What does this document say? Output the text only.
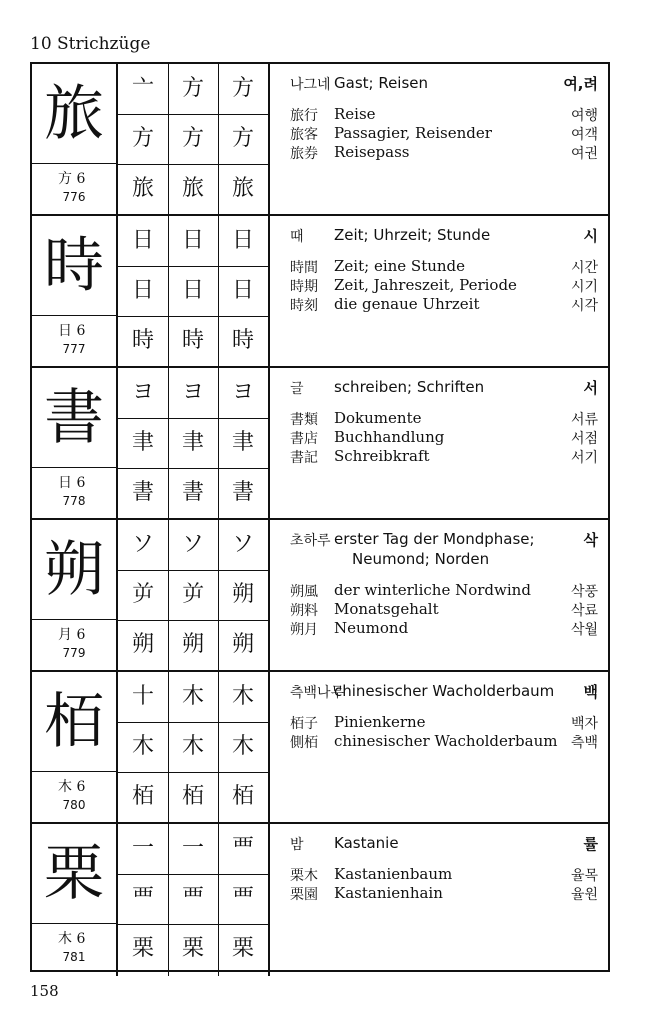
10 Strichzüge
旅
方 6
776
亠	方	方
方	方	方
旅	旅	旅
나그네 Gast; Reisen	여,려
旅行 Reise	여행
旅客 Passagier, Reisender	여객
旅券 Reisepass	여권
時
日 6
777
日	日	日
日	日	日
時	時	時
때 Zeit; Uhrzeit; Stunde	시
時間 Zeit; eine Stunde	시간
時期 Zeit, Jahreszeit, Periode	시기
時刻 die genaue Uhrzeit	시각
書
日 6
778
ヨ	ヨ	ヨ
聿	聿	聿
書	書	書
글 schreiben; Schriften	서
書類 Dokumente	서류
書店 Buchhandlung	서점
書記 Schreibkraft	서기
朔
月 6
779
ソ	ソ	ソ
屰	屰	朔
朔	朔	朔
초하루 erster Tag der Mondphase;	삭
Neumond; Norden
朔風 der winterliche Nordwind	삭풍
朔料 Monatsgehalt	삭료
朔月 Neumond	삭월
栢
木 6
780
十	木	木
木	木	木
栢	栢	栢
측백나무
chinesischer Wacholderbaum 백
栢子 Pinienkerne	백자
側栢 chinesischer Wacholderbaum 측백
栗
木 6
781
一	一	覀
覀	覀	覀
栗	栗	栗
밤 Kastanie	률
栗木 Kastanienbaum	율목
栗園 Kastanienhain	율원
158
